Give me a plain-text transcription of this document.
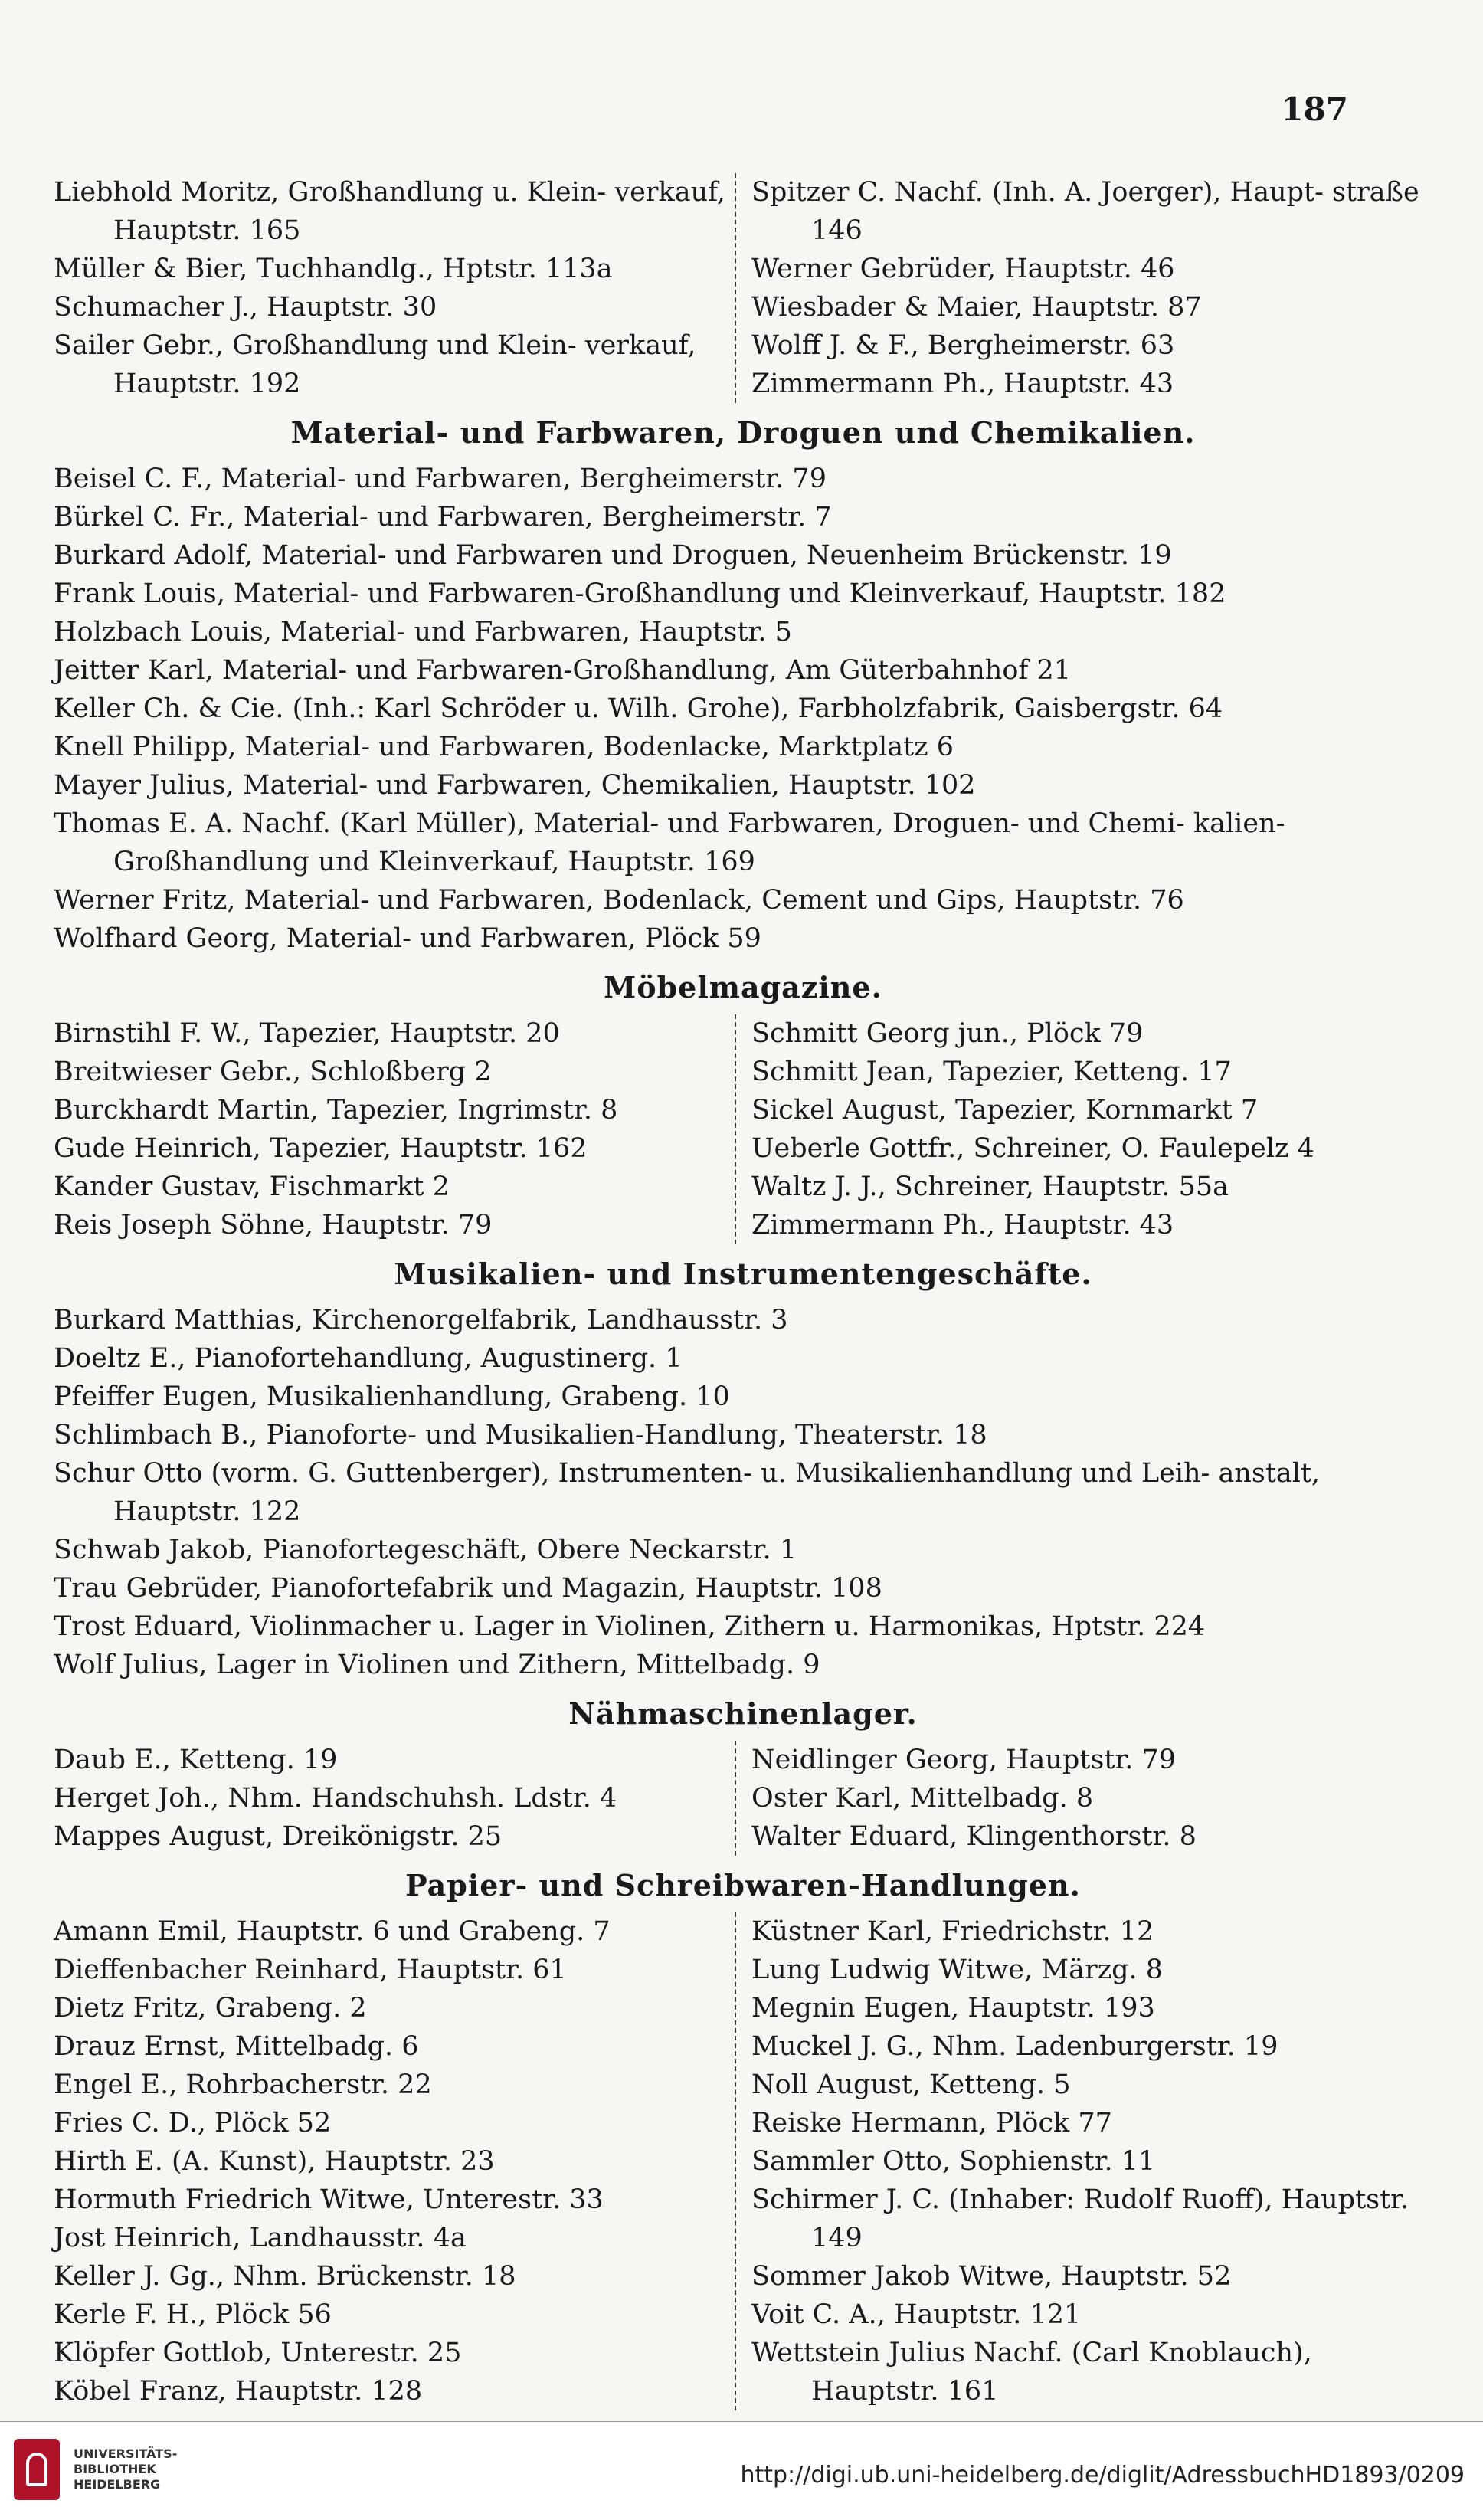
187
Liebhold Moritz, Großhandlung u. Klein- verkauf, Hauptstr. 165
Müller & Bier, Tuchhandlg., Hptstr. 113a
Schumacher J., Hauptstr. 30
Sailer Gebr., Großhandlung und Klein- verkauf, Hauptstr. 192
Spitzer C. Nachf. (Inh. A. Joerger), Haupt- straße 146
Werner Gebrüder, Hauptstr. 46
Wiesbader & Maier, Hauptstr. 87
Wolff J. & F., Bergheimerstr. 63
Zimmermann Ph., Hauptstr. 43
Material- und Farbwaren, Droguen und Chemikalien.
Beisel C. F., Material- und Farbwaren, Bergheimerstr. 79
Bürkel C. Fr., Material- und Farbwaren, Bergheimerstr. 7
Burkard Adolf, Material- und Farbwaren und Droguen, Neuenheim Brückenstr. 19
Frank Louis, Material- und Farbwaren-Großhandlung und Kleinverkauf, Hauptstr. 182
Holzbach Louis, Material- und Farbwaren, Hauptstr. 5
Jeitter Karl, Material- und Farbwaren-Großhandlung, Am Güterbahnhof 21
Keller Ch. & Cie. (Inh.: Karl Schröder u. Wilh. Grohe), Farbholzfabrik, Gaisbergstr. 64
Knell Philipp, Material- und Farbwaren, Bodenlacke, Marktplatz 6
Mayer Julius, Material- und Farbwaren, Chemikalien, Hauptstr. 102
Thomas E. A. Nachf. (Karl Müller), Material- und Farbwaren, Droguen- und Chemi- kalien-Großhandlung und Kleinverkauf, Hauptstr. 169
Werner Fritz, Material- und Farbwaren, Bodenlack, Cement und Gips, Hauptstr. 76
Wolfhard Georg, Material- und Farbwaren, Plöck 59
Möbelmagazine.
Birnstihl F. W., Tapezier, Hauptstr. 20
Breitwieser Gebr., Schloßberg 2
Burckhardt Martin, Tapezier, Ingrimstr. 8
Gude Heinrich, Tapezier, Hauptstr. 162
Kander Gustav, Fischmarkt 2
Reis Joseph Söhne, Hauptstr. 79
Schmitt Georg jun., Plöck 79
Schmitt Jean, Tapezier, Ketteng. 17
Sickel August, Tapezier, Kornmarkt 7
Ueberle Gottfr., Schreiner, O. Faulepelz 4
Waltz J. J., Schreiner, Hauptstr. 55a
Zimmermann Ph., Hauptstr. 43
Musikalien- und Instrumentengeschäfte.
Burkard Matthias, Kirchenorgelfabrik, Landhausstr. 3
Doeltz E., Pianofortehandlung, Augustinerg. 1
Pfeiffer Eugen, Musikalienhandlung, Grabeng. 10
Schlimbach B., Pianoforte- und Musikalien-Handlung, Theaterstr. 18
Schur Otto (vorm. G. Guttenberger), Instrumenten- u. Musikalienhandlung und Leih- anstalt, Hauptstr. 122
Schwab Jakob, Pianofortegeschäft, Obere Neckarstr. 1
Trau Gebrüder, Pianofortefabrik und Magazin, Hauptstr. 108
Trost Eduard, Violinmacher u. Lager in Violinen, Zithern u. Harmonikas, Hptstr. 224
Wolf Julius, Lager in Violinen und Zithern, Mittelbadg. 9
Nähmaschinenlager.
Daub E., Ketteng. 19
Herget Joh., Nhm. Handschuhsh. Ldstr. 4
Mappes August, Dreikönigstr. 25
Neidlinger Georg, Hauptstr. 79
Oster Karl, Mittelbadg. 8
Walter Eduard, Klingenthorstr. 8
Papier- und Schreibwaren-Handlungen.
Amann Emil, Hauptstr. 6 und Grabeng. 7
Dieffenbacher Reinhard, Hauptstr. 61
Dietz Fritz, Grabeng. 2
Drauz Ernst, Mittelbadg. 6
Engel E., Rohrbacherstr. 22
Fries C. D., Plöck 52
Hirth E. (A. Kunst), Hauptstr. 23
Hormuth Friedrich Witwe, Unterestr. 33
Jost Heinrich, Landhausstr. 4a
Keller J. Gg., Nhm. Brückenstr. 18
Kerle F. H., Plöck 56
Klöpfer Gottlob, Unterestr. 25
Köbel Franz, Hauptstr. 128
Küstner Karl, Friedrichstr. 12
Lung Ludwig Witwe, Märzg. 8
Megnin Eugen, Hauptstr. 193
Muckel J. G., Nhm. Ladenburgerstr. 19
Noll August, Ketteng. 5
Reiske Hermann, Plöck 77
Sammler Otto, Sophienstr. 11
Schirmer J. C. (Inhaber: Rudolf Ruoff), Hauptstr. 149
Sommer Jakob Witwe, Hauptstr. 52
Voit C. A., Hauptstr. 121
Wettstein Julius Nachf. (Carl Knoblauch), Hauptstr. 161
UNIVERSITÄTS-
BIBLIOTHEK
HEIDELBERG	http://digi.ub.uni-heidelberg.de/diglit/AdressbuchHD1893/0209
